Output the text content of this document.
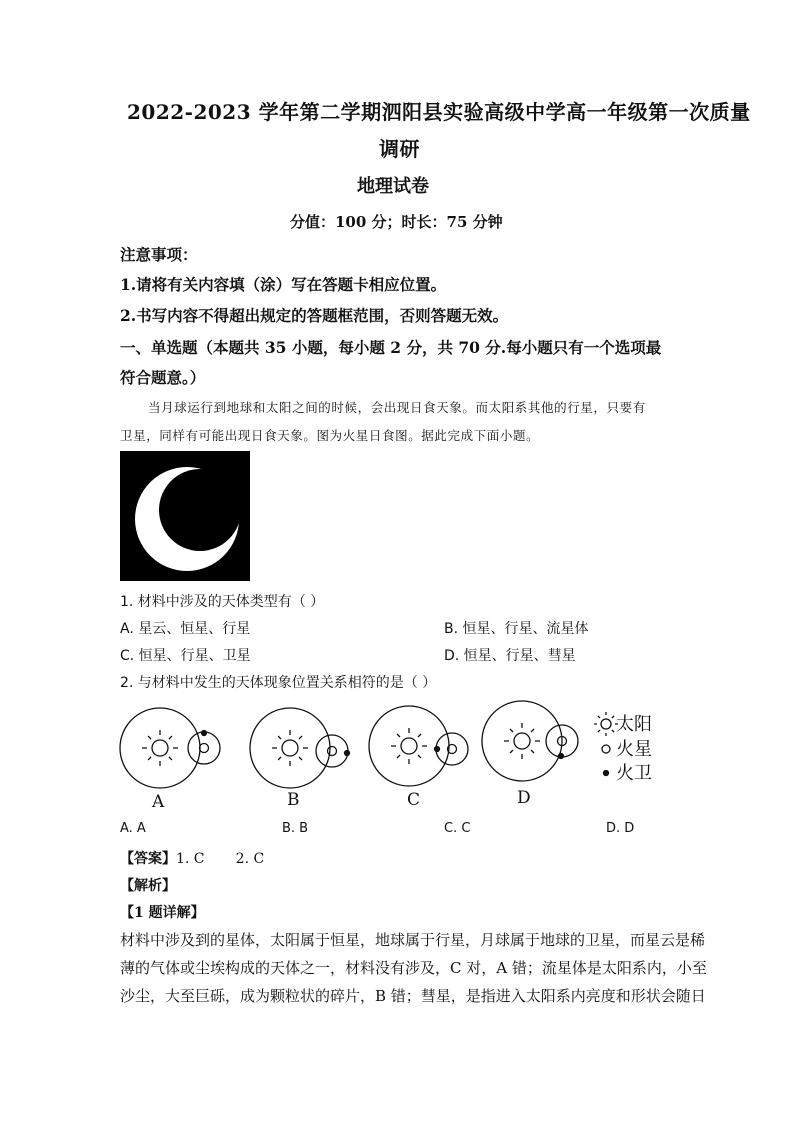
2022-2023 学年第二学期泗阳县实验高级中学高一年级第一次质量
调研
地理试卷
分值：100 分；时长：75 分钟
注意事项：
1.请将有关内容填（涂）写在答题卡相应位置。
2.书写内容不得超出规定的答题框范围，否则答题无效。
一、单选题（本题共 35 小题，每小题 2 分，共 70 分.每小题只有一个选项最
符合题意。）
当月球运行到地球和太阳之间的时候，会出现日食天象。而太阳系其他的行星，只要有
卫星，同样有可能出现日食天象。图为火星日食图。据此完成下面小题。
1. 材料中涉及的天体类型有（ ）
A. 星云、恒星、行星	B. 恒星、行星、流星体
C. 恒星、行星、卫星	D. 恒星、行星、彗星
2. 与材料中发生的天体现象位置关系相符的是（ ）
A	B	C	D
太阳
火星
火卫
A. A	B. B	C. C	D. D
【答案】1. C       2. C
【解析】
【1 题详解】
材料中涉及到的星体，太阳属于恒星，地球属于行星，月球属于地球的卫星，而星云是稀
薄的气体或尘埃构成的天体之一，材料没有涉及，C 对，A 错；流星体是太阳系内，小至
沙尘，大至巨砾，成为颗粒状的碎片，B 错；彗星，是指进入太阳系内亮度和形状会随日
